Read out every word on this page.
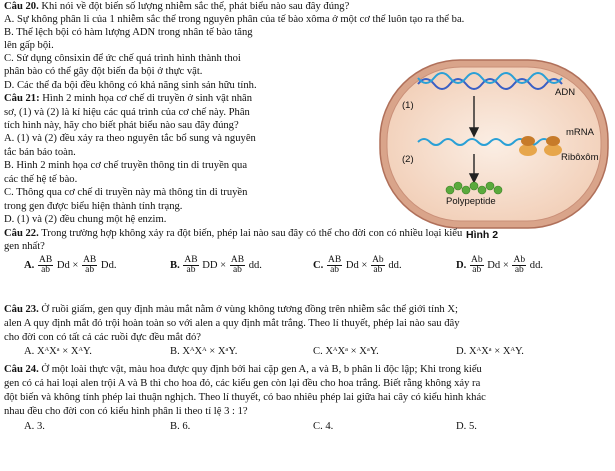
Câu 20. Khi nói về đột biến số lượng nhiễm sắc thể, phát biểu nào sau đây đúng?
A. Sự không phân li của 1 nhiễm sắc thể trong nguyên phân của tế bào xôma ở một cơ thể luôn tạo ra thể ba.
B. Thể lệch bội có hàm lượng ADN trong nhân tế bào tăng
lên gấp bội.
C. Sử dụng cônsixin để ức chế quá trình hình thành thoi
phân bào có thể gây đột biến đa bội ở thực vật.
D. Các thể đa bội đều không có khả năng sinh sản hữu tính.
Câu 21: Hình 2 minh họa cơ chế di truyền ở sinh vật nhân
sơ, (1) và (2) là kí hiệu các quá trình của cơ chế này. Phân
tích hình này, hãy cho biết phát biểu nào sau đây đúng?
A. (1) và (2) đều xảy ra theo nguyên tắc bổ sung và nguyên
tắc bán bảo toàn.
B. Hình 2 minh họa cơ chế truyền thông tin di truyền qua
các thế hệ tế bào.
C. Thông qua cơ chế di truyền này mà thông tin di truyền
trong gen được biểu hiện thành tính trạng.
D. (1) và (2) đều chung một hệ enzim.
ADN
(1)
mRNA
Ribôxôm
(2)
Polypeptide
Hình 2
Câu 22. Trong trường hợp không xảy ra đột biến, phép lai nào sau đây có thể cho đời con có nhiều loại kiểu
gen nhất?
A. $\frac{AB}{ab}$ $Dd \times \frac{AB}{ab} Dd$.	B. $\frac{AB}{ab}$ DD × $\frac{AB}{ab}$ dd.	C. $\frac{AB}{ab}$ $Dd \times \frac{Ab}{ab}$ dd.	D. $\frac{Ab}{ab}$ $Dd \times \frac{Ab}{ab}$ dd.
Câu 23. Ở ruồi giấm, gen quy định màu mắt nằm ở vùng không tương đồng trên nhiễm sắc thể giới tính X;
alen A quy định mắt đỏ trội hoàn toàn so với alen a quy định mắt trắng. Theo lí thuyết, phép lai nào sau đây
cho đời con có tất cả các ruồi đực đều mắt đỏ?
A. XᴬXᵃ × XᴬY.	B. XᴬXᴬ × XᵃY.	C. XᴬXᵃ × XᵃY.	D. XᴬXᵃ × XᴬY.
Câu 24. Ở một loài thực vật, màu hoa được quy định bởi hai cặp gen A, a và B, b phân li độc lập; Khi trong kiểu
gen có cả hai loại alen trội A và B thì cho hoa đỏ, các kiểu gen còn lại đều cho hoa trắng. Biết rằng không xảy ra
đột biến và không tính phép lai thuận nghịch. Theo lí thuyết, có bao nhiêu phép lai giữa hai cây có kiểu hình khác
nhau đều cho đời con có kiểu hình phân li theo tỉ lệ 3 : 1?
A. 3.	B. 6.	C. 4.	D. 5.
